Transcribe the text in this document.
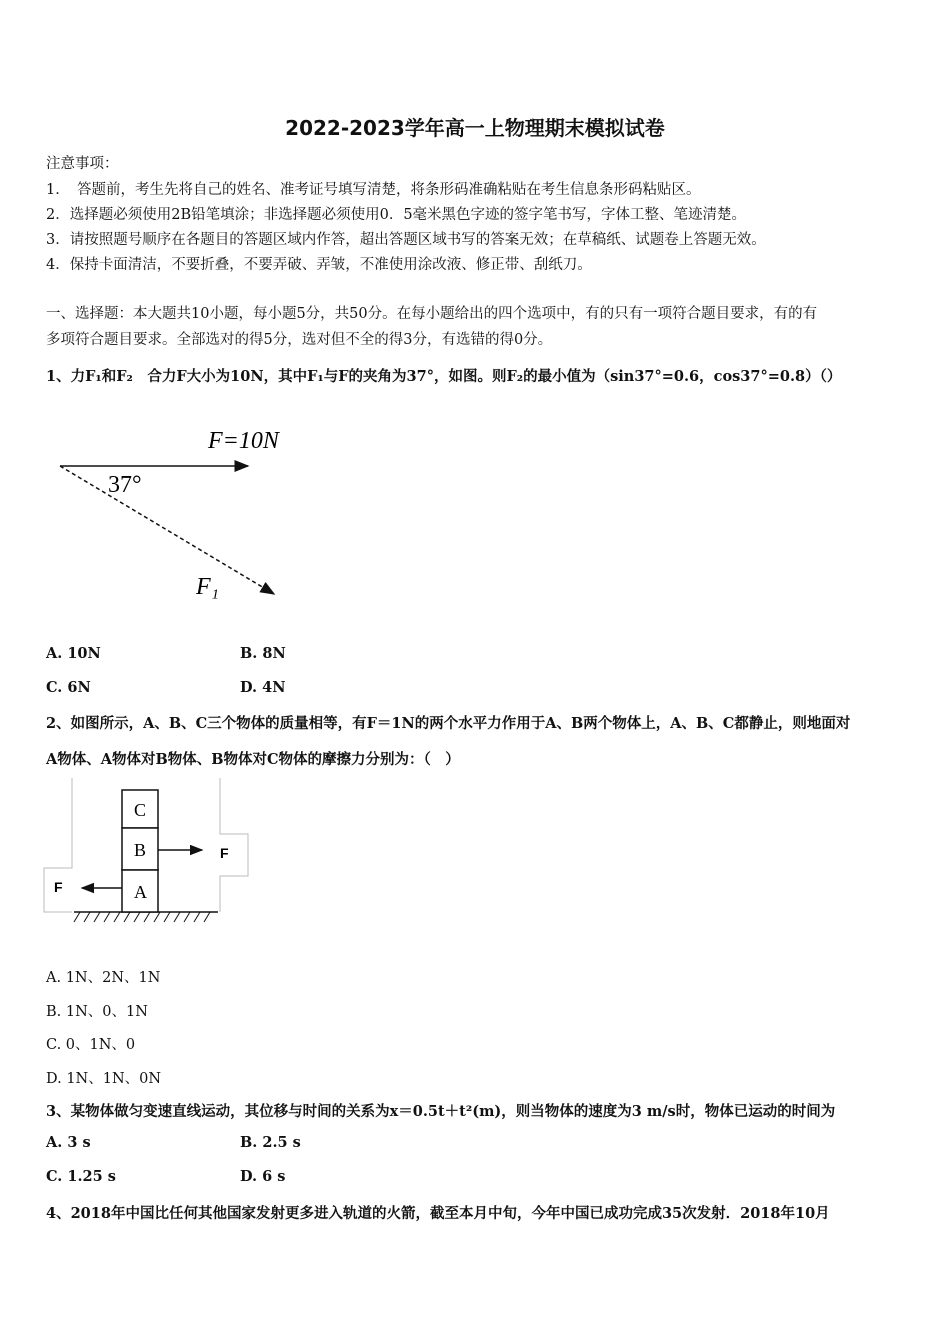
2022-2023学年高一上物理期末模拟试卷
注意事项：
1．　答题前，考生先将自己的姓名、准考证号填写清楚，将条形码准确粘贴在考生信息条形码粘贴区。
2．选择题必须使用2B铅笔填涂；非选择题必须使用0．5毫米黑色字迹的签字笔书写，字体工整、笔迹清楚。
3．请按照题号顺序在各题目的答题区域内作答，超出答题区域书写的答案无效；在草稿纸、试题卷上答题无效。
4．保持卡面清洁，不要折叠，不要弄破、弄皱，不准使用涂改液、修正带、刮纸刀。
一、选择题：本大题共10小题，每小题5分，共50分。在每小题给出的四个选项中，有的只有一项符合题目要求，有的有
多项符合题目要求。全部选对的得5分，选对但不全的得3分，有选错的得0分。
1、力F₁和F₂　合力F大小为10N，其中F₁与F的夹角为37°，如图。则F₂的最小值为（sin37°=0.6，cos37°=0.8）（）
F=10N
37°
F₁
A. 10N	B. 8N
C. 6N	D. 4N
2、如图所示，A、B、C三个物体的质量相等，有F＝1N的两个水平力作用于A、B两个物体上，A、B、C都静止，则地面对
A物体、A物体对B物体、B物体对C物体的摩擦力分别为：（　）
C
B
A
F
F
A. 1N、2N、1N
B. 1N、0、1N
C. 0、1N、0
D. 1N、1N、0N
3、某物体做匀变速直线运动，其位移与时间的关系为x＝0.5t＋t²(m)，则当物体的速度为3 m/s时，物体已运动的时间为
A. 3 s	B. 2.5 s
C. 1.25 s	D. 6 s
4、2018年中国比任何其他国家发射更多进入轨道的火箭，截至本月中旬，今年中国已成功完成35次发射．2018年10月
